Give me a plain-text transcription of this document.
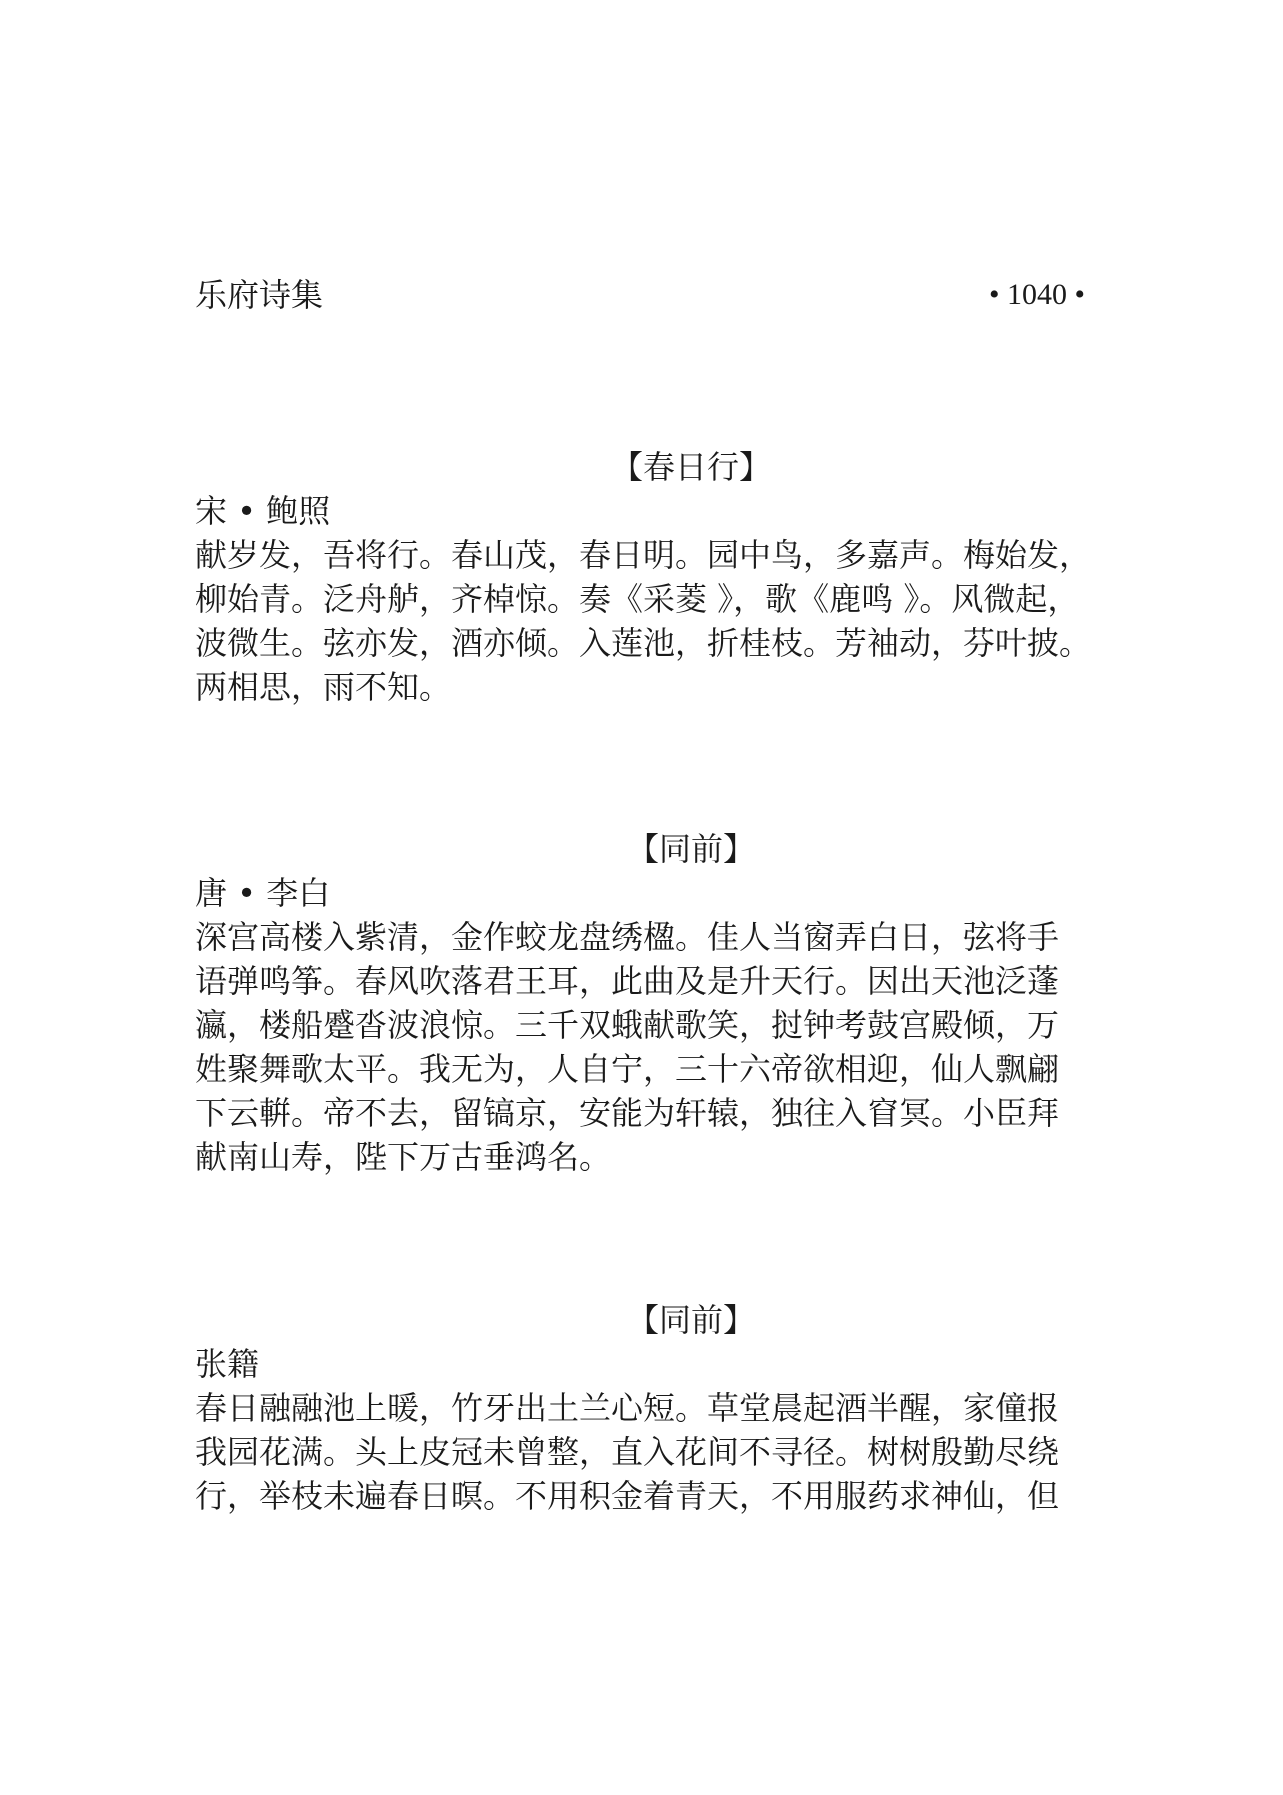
乐府诗集	• 1040 •
【春日行】
宋 • 鲍照
献岁发，吾将行。春山茂，春日明。园中鸟，多嘉声。梅始发，
柳始青。泛舟舻，齐棹惊。奏《采菱 》，歌《鹿鸣 》。风微起，
波微生。弦亦发，酒亦倾。入莲池，折桂枝。芳袖动，芬叶披。
两相思，雨不知。
【同前】
唐 • 李白
深宫高楼入紫清，金作蛟龙盘绣楹。佳人当窗弄白日，弦将手
语弹鸣筝。春风吹落君王耳，此曲及是升天行。因出天池泛蓬
瀛，楼船蹙沓波浪惊。三千双蛾献歌笑，挝钟考鼓宫殿倾，万
姓聚舞歌太平。我无为，人自宁，三十六帝欲相迎，仙人飘翩
下云輧。帝不去，留镐京，安能为轩辕，独往入窅冥。小臣拜
献南山寿，陛下万古垂鸿名。
【同前】
张籍
春日融融池上暖，竹牙出土兰心短。草堂晨起酒半醒，家僮报
我园花满。头上皮冠未曾整，直入花间不寻径。树树殷勤尽绕
行，举枝未遍春日暝。不用积金着青天，不用服药求神仙，但
